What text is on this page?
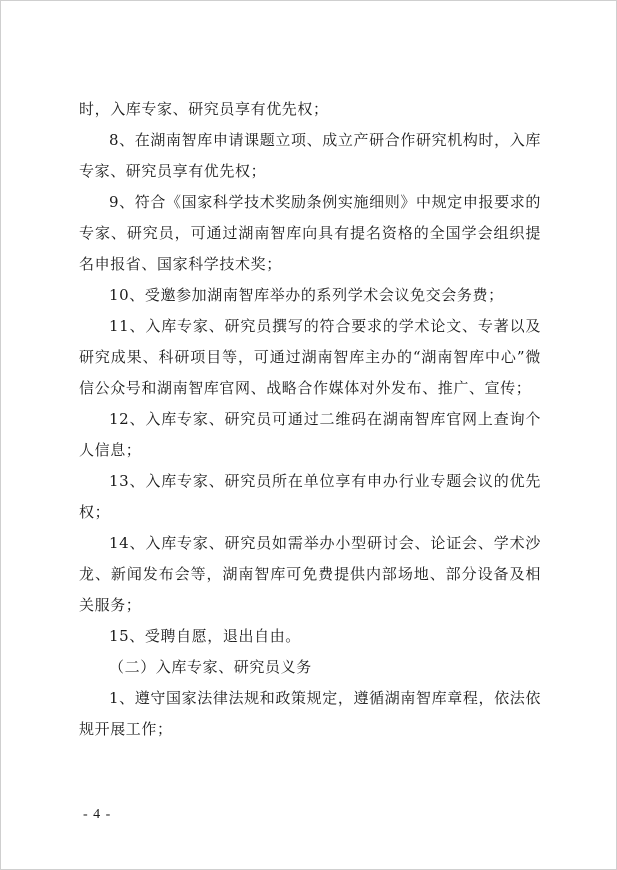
时，入库专家、研究员享有优先权；

8、在湖南智库申请课题立项、成立产研合作研究机构时，入库专家、研究员享有优先权；

9、符合《国家科学技术奖励条例实施细则》中规定申报要求的专家、研究员，可通过湖南智库向具有提名资格的全国学会组织提名申报省、国家科学技术奖；

10、受邀参加湖南智库举办的系列学术会议免交会务费；

11、入库专家、研究员撰写的符合要求的学术论文、专著以及研究成果、科研项目等，可通过湖南智库主办的“湖南智库中心”微信公众号和湖南智库官网、战略合作媒体对外发布、推广、宣传；

12、入库专家、研究员可通过二维码在湖南智库官网上查询个人信息；

13、入库专家、研究员所在单位享有申办行业专题会议的优先权；

14、入库专家、研究员如需举办小型研讨会、论证会、学术沙龙、新闻发布会等，湖南智库可免费提供内部场地、部分设备及相关服务；

15、受聘自愿，退出自由。

（二）入库专家、研究员义务

1、遵守国家法律法规和政策规定，遵循湖南智库章程，依法依规开展工作；

- 4 -
